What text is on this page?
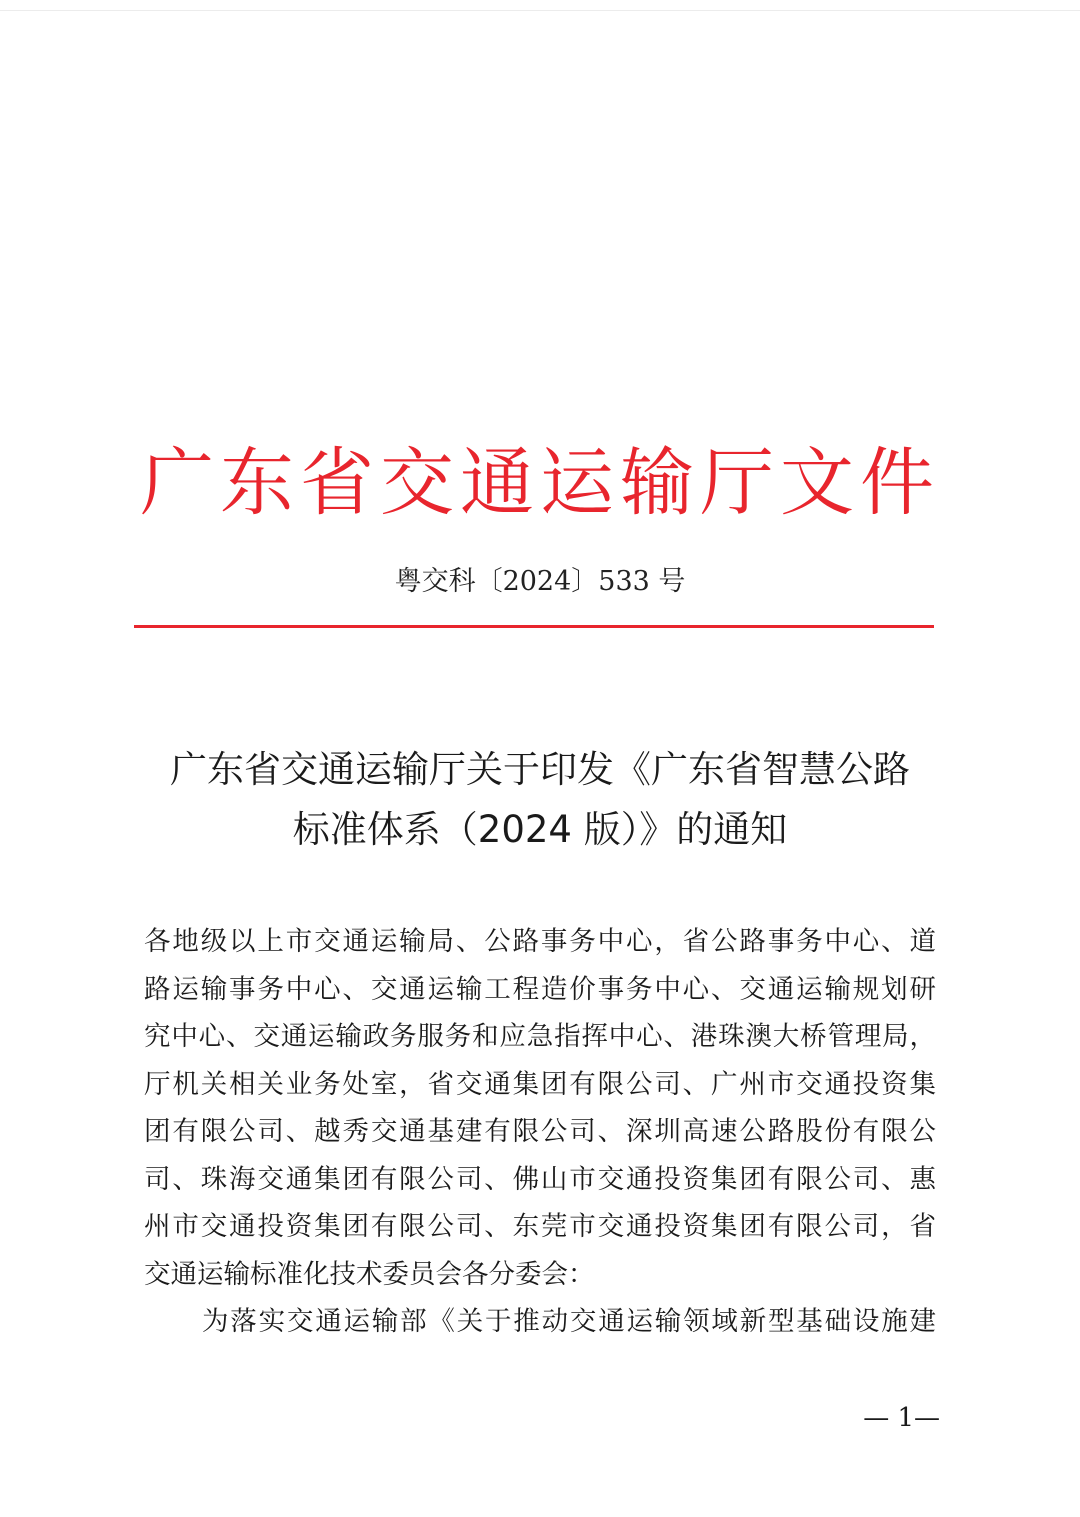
广东省交通运输厅文件
粤交科〔2024〕533 号
广东省交通运输厅关于印发《广东省智慧公路
标准体系（2024 版）》的通知
各地级以上市交通运输局、公路事务中心，省公路事务中心、道
路运输事务中心、交通运输工程造价事务中心、交通运输规划研
究中心、交通运输政务服务和应急指挥中心、港珠澳大桥管理局，
厅机关相关业务处室，省交通集团有限公司、广州市交通投资集
团有限公司、越秀交通基建有限公司、深圳高速公路股份有限公
司、珠海交通集团有限公司、佛山市交通投资集团有限公司、惠
州市交通投资集团有限公司、东莞市交通投资集团有限公司，省
交通运输标准化技术委员会各分委会：
为落实交通运输部《关于推动交通运输领域新型基础设施建
— 1—
